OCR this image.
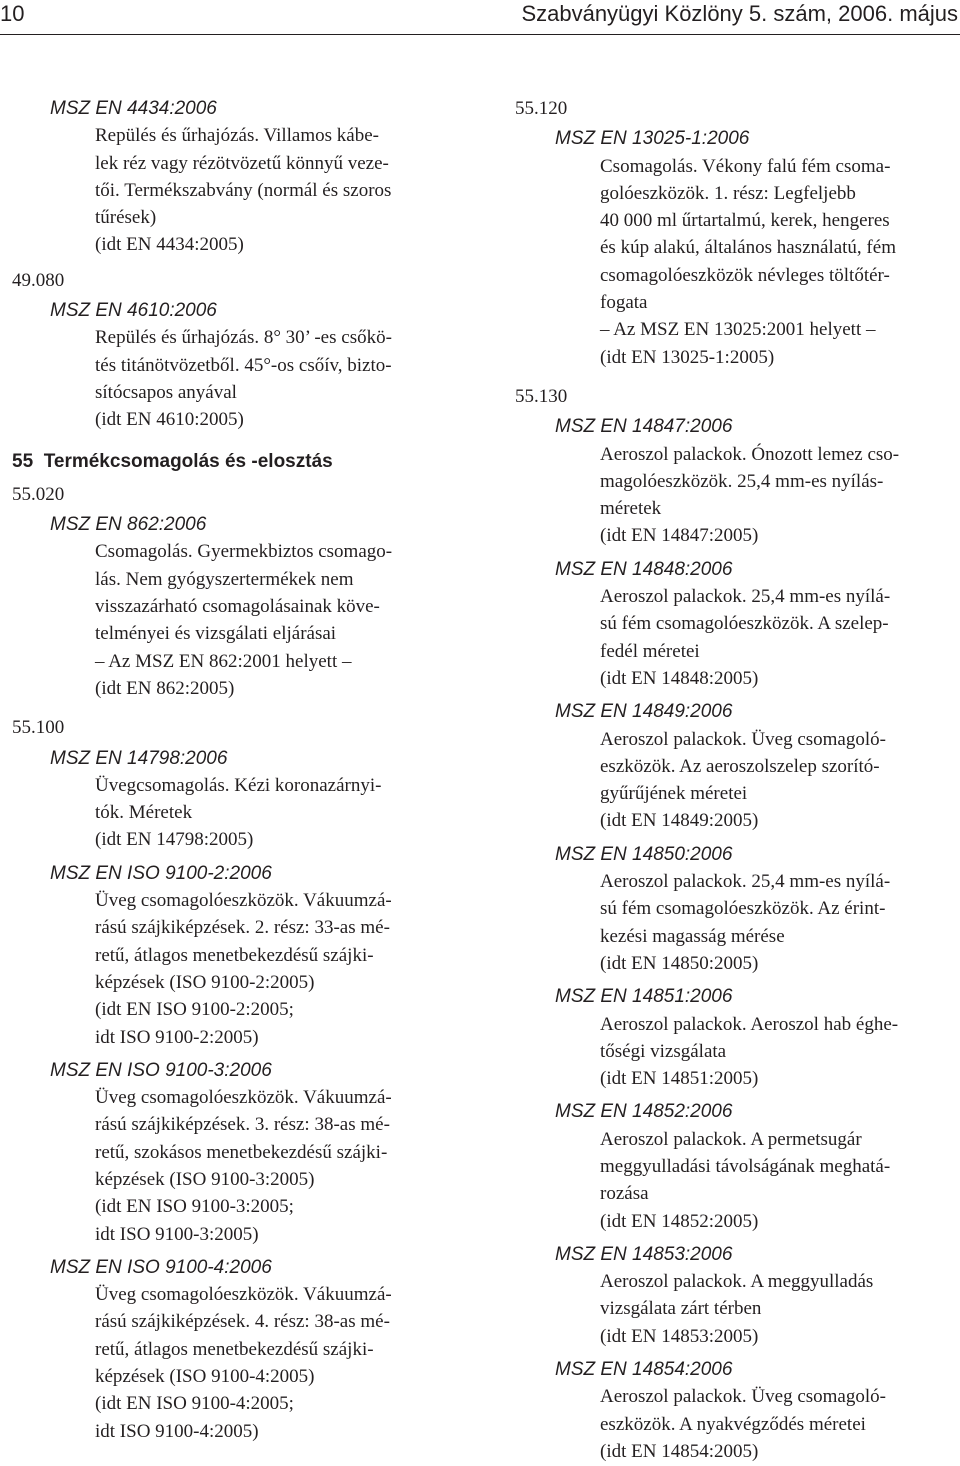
10	Szabványügyi Közlöny 5. szám, 2006. május
MSZ EN 4434:2006
Repülés és űrhajózás. Villamos kábe-
lek réz vagy rézötvözetű könnyű veze-
tői. Termékszabvány (normál és szoros
tűrések)
(idt EN 4434:2005)
49.080
MSZ EN 4610:2006
Repülés és űrhajózás. 8° 30’ -es csőkö-
tés titánötvözetből. 45°-os csőív, bizto-
sítócsapos anyával
(idt EN 4610:2005)
55  Termékcsomagolás és -elosztás
55.020
MSZ EN 862:2006
Csomagolás. Gyermekbiztos csomago-
lás. Nem gyógyszertermékek nem
visszazárható csomagolásainak köve-
telményei és vizsgálati eljárásai
– Az MSZ EN 862:2001 helyett –
(idt EN 862:2005)
55.100
MSZ EN 14798:2006
Üvegcsomagolás. Kézi koronazárnyi-
tók. Méretek
(idt EN 14798:2005)
MSZ EN ISO 9100-2:2006
Üveg csomagolóeszközök. Vákuumzá-
rású szájkiképzések. 2. rész: 33-as mé-
retű, átlagos menetbekezdésű szájki-
képzések (ISO 9100-2:2005)
(idt EN ISO 9100-2:2005;
idt ISO 9100-2:2005)
MSZ EN ISO 9100-3:2006
Üveg csomagolóeszközök. Vákuumzá-
rású szájkiképzések. 3. rész: 38-as mé-
retű, szokásos menetbekezdésű szájki-
képzések (ISO 9100-3:2005)
(idt EN ISO 9100-3:2005;
idt ISO 9100-3:2005)
MSZ EN ISO 9100-4:2006
Üveg csomagolóeszközök. Vákuumzá-
rású szájkiképzések. 4. rész: 38-as mé-
retű, átlagos menetbekezdésű szájki-
képzések (ISO 9100-4:2005)
(idt EN ISO 9100-4:2005;
idt ISO 9100-4:2005)
55.120
MSZ EN 13025-1:2006
Csomagolás. Vékony falú fém csoma-
golóeszközök. 1. rész: Legfeljebb
40 000 ml űrtartalmú, kerek, hengeres
és kúp alakú, általános használatú, fém
csomagolóeszközök névleges töltőtér-
fogata
– Az MSZ EN 13025:2001 helyett –
(idt EN 13025-1:2005)
55.130
MSZ EN 14847:2006
Aeroszol palackok. Ónozott lemez cso-
magolóeszközök. 25,4 mm-es nyílás-
méretek
(idt EN 14847:2005)
MSZ EN 14848:2006
Aeroszol palackok. 25,4 mm-es nyílá-
sú fém csomagolóeszközök. A szelep-
fedél méretei
(idt EN 14848:2005)
MSZ EN 14849:2006
Aeroszol palackok. Üveg csomagoló-
eszközök. Az aeroszolszelep szorító-
gyűrűjének méretei
(idt EN 14849:2005)
MSZ EN 14850:2006
Aeroszol palackok. 25,4 mm-es nyílá-
sú fém csomagolóeszközök. Az érint-
kezési magasság mérése
(idt EN 14850:2005)
MSZ EN 14851:2006
Aeroszol palackok. Aeroszol hab éghe-
tőségi vizsgálata
(idt EN 14851:2005)
MSZ EN 14852:2006
Aeroszol palackok. A permetsugár
meggyulladási távolságának meghatá-
rozása
(idt EN 14852:2005)
MSZ EN 14853:2006
Aeroszol palackok. A meggyulladás
vizsgálata zárt térben
(idt EN 14853:2005)
MSZ EN 14854:2006
Aeroszol palackok. Üveg csomagoló-
eszközök. A nyakvégződés méretei
(idt EN 14854:2005)
